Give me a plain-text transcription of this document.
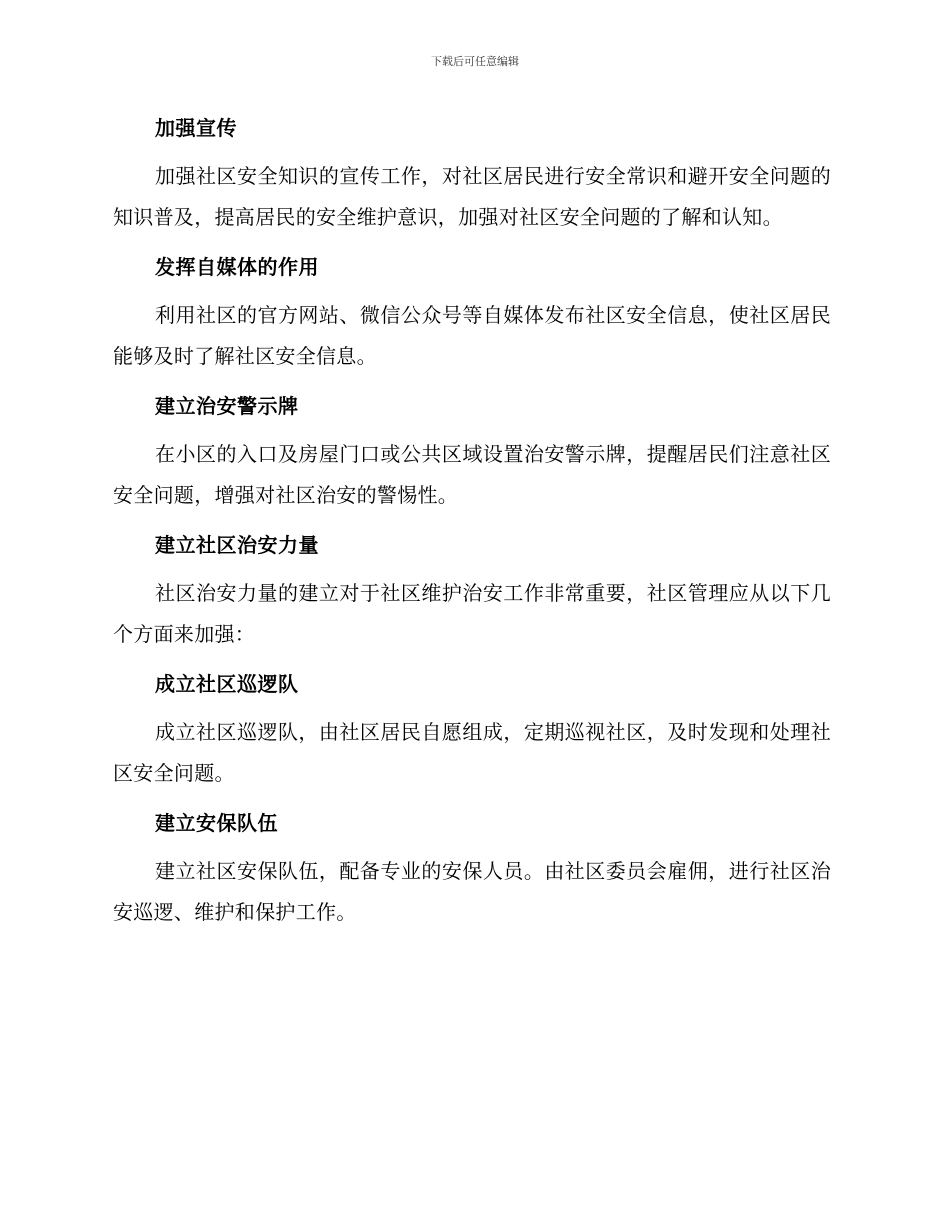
下载后可任意编辑
加强宣传

加强社区安全知识的宣传工作，对社区居民进行安全常识和避开安全问题的知识普及，提高居民的安全维护意识，加强对社区安全问题的了解和认知。

发挥自媒体的作用

利用社区的官方网站、微信公众号等自媒体发布社区安全信息，使社区居民能够及时了解社区安全信息。

建立治安警示牌

在小区的入口及房屋门口或公共区域设置治安警示牌，提醒居民们注意社区安全问题，增强对社区治安的警惕性。

建立社区治安力量

社区治安力量的建立对于社区维护治安工作非常重要，社区管理应从以下几个方面来加强：

成立社区巡逻队

成立社区巡逻队，由社区居民自愿组成，定期巡视社区，及时发现和处理社区安全问题。

建立安保队伍

建立社区安保队伍，配备专业的安保人员。由社区委员会雇佣，进行社区治安巡逻、维护和保护工作。
